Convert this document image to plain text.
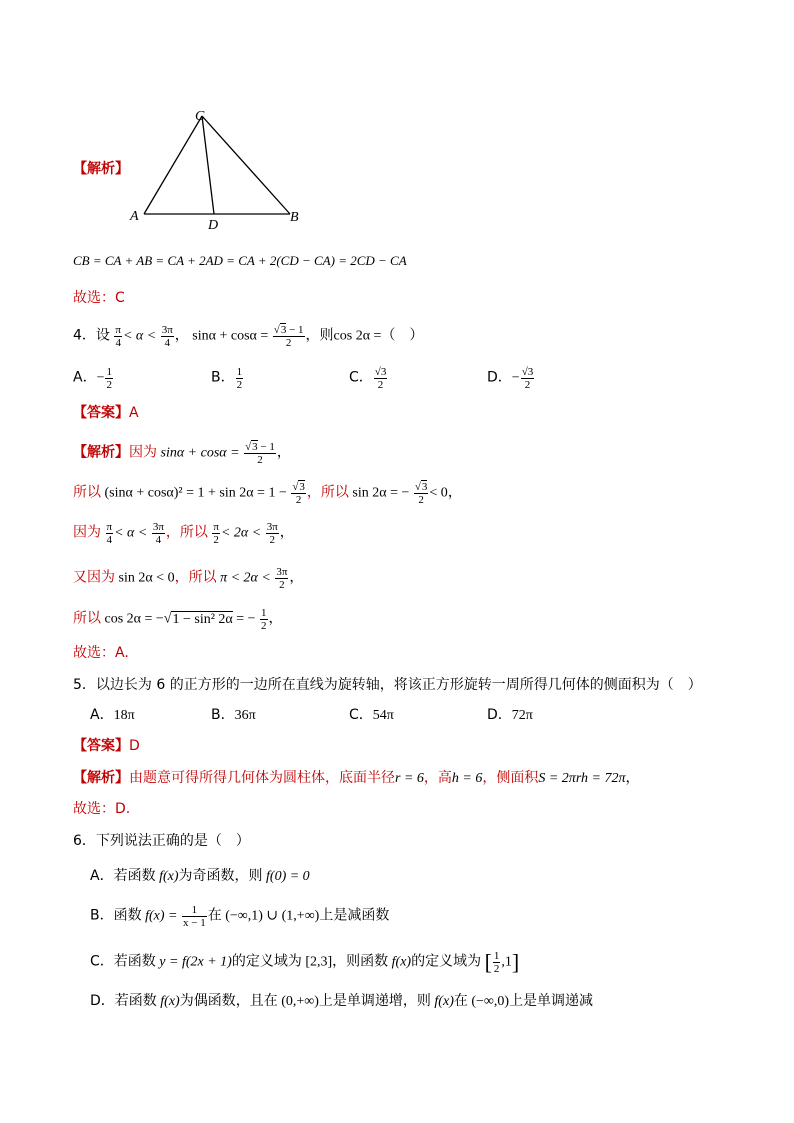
C
A
D
B
【解析】
CB = CA + AB = CA + 2AD = CA + 2(CD − CA) = 2CD − CA
故选：C
4．设 $\frac{\pi}{4} < \alpha < \frac{3\pi}{4}$ ， $\sin\alpha + \cos\alpha = \frac{√3 - 1}{2}$ ，则cos 2α =（　）
A．− $\frac{1}{2}$	B． $\frac{1}{2}$	C． $\frac{√3}{2}$	D．− $\frac{√3}{2}$
【答案】A
【解析】因为 $\sin\alpha + \cos\alpha = \frac{√3 - 1}{2}$ ，
所以 $(\sin\alpha + \cos\alpha)^2 = 1 + \sin 2\alpha = 1 - \frac{√3}{2}$ ，所以 sin 2α = − $\frac{√3}{2} < 0$，
因为 $\frac{\pi}{4} < \alpha < \frac{3\pi}{4}$ ，所以 $\frac{\pi}{2} < 2\alpha < \frac{3\pi}{2}$ ，
又因为 sin 2α < 0，所以 $\pi < 2\alpha < \frac{3\pi}{2}$ ，
所以 cos 2α = −√1 − sin² 2α = − $\frac{1}{2}$ ，
故选：A.
5．以边长为 6 的正方形的一边所在直线为旋转轴，将该正方形旋转一周所得几何体的侧面积为（　）
A．18π	B．36π	C．54π	D．72π
【答案】D
【解析】由题意可得所得几何体为圆柱体，底面半径r = 6，高h = 6，侧面积S = 2πrh = 72π，
故选：D.
6．下列说法正确的是（　）
A．若函数 f(x)为奇函数，则 f(0) = 0
B．函数 $f(x) = \frac{1}{x - 1}$ 在 (−∞,1) ∪ (1,+∞)上是减函数
C．若函数 y = f(2x + 1)的定义域为 [2,3]，则函数 f(x)的定义域为 [ $\frac{1}{2} ,1$]
D．若函数 f(x)为偶函数，且在 (0,+∞)上是单调递增，则 f(x)在 (−∞,0)上是单调递减
